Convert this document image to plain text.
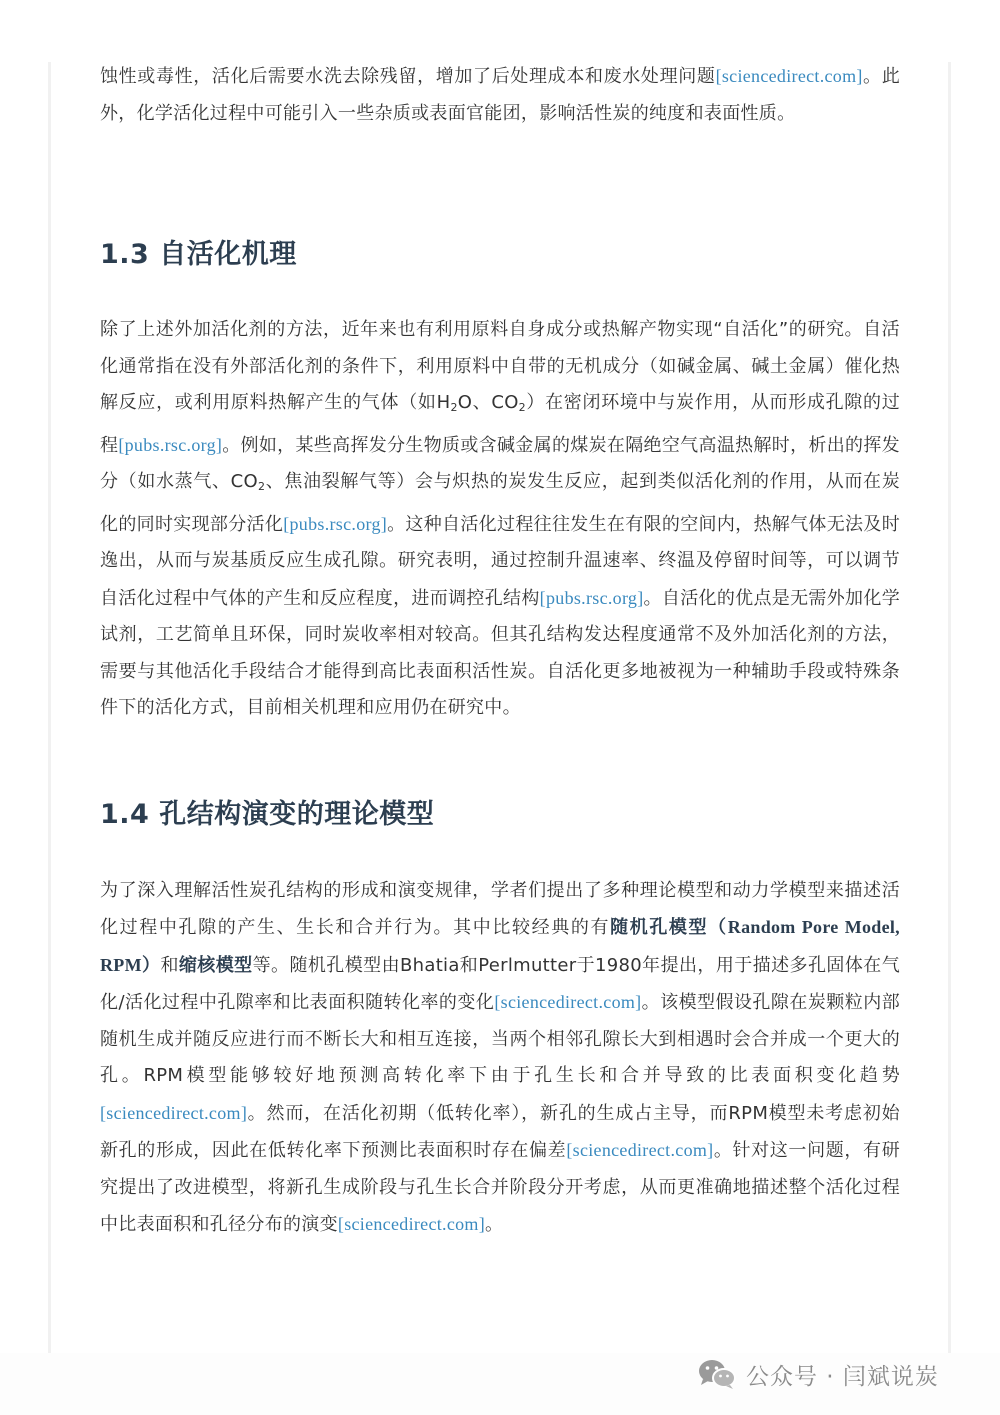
蚀性或毒性，活化后需要水洗去除残留，增加了后处理成本和废水处理问题[sciencedirect.com]。此外，化学活化过程中可能引入一些杂质或表面官能团，影响活性炭的纯度和表面性质。

1.3 自活化机理

除了上述外加活化剂的方法，近年来也有利用原料自身成分或热解产物实现“自活化”的研究。自活化通常指在没有外部活化剂的条件下，利用原料中自带的无机成分（如碱金属、碱土金属）催化热解反应，或利用原料热解产生的气体（如$H_2O$、$CO_2$）在密闭环境中与炭作用，从而形成孔隙的过程[pubs.rsc.org]。例如，某些高挥发分生物质或含碱金属的煤炭在隔绝空气高温热解时，析出的挥发分（如水蒸气、$CO_2$、焦油裂解气等）会与炽热的炭发生反应，起到类似活化剂的作用，从而在炭化的同时实现部分活化[pubs.rsc.org]。这种自活化过程往往发生在有限的空间内，热解气体无法及时逸出，从而与炭基质反应生成孔隙。研究表明，通过控制升温速率、终温及停留时间等，可以调节自活化过程中气体的产生和反应程度，进而调控孔结构[pubs.rsc.org]。自活化的优点是无需外加化学试剂，工艺简单且环保，同时炭收率相对较高。但其孔结构发达程度通常不及外加活化剂的方法，需要与其他活化手段结合才能得到高比表面积活性炭。自活化更多地被视为一种辅助手段或特殊条件下的活化方式，目前相关机理和应用仍在研究中。

1.4 孔结构演变的理论模型

为了深入理解活性炭孔结构的形成和演变规律，学者们提出了多种理论模型和动力学模型来描述活化过程中孔隙的产生、生长和合并行为。其中比较经典的有随机孔模型（Random Pore Model, RPM）和缩核模型等。随机孔模型由Bhatia和Perlmutter于1980年提出，用于描述多孔固体在气化/活化过程中孔隙率和比表面积随转化率的变化[sciencedirect.com]。该模型假设孔隙在炭颗粒内部随机生成并随反应进行而不断长大和相互连接，当两个相邻孔隙长大到相遇时会合并成一个更大的孔。RPM模型能够较好地预测高转化率下由于孔生长和合并导致的比表面积变化趋势[sciencedirect.com]。然而，在活化初期（低转化率），新孔的生成占主导，而RPM模型未考虑初始新孔的形成，因此在低转化率下预测比表面积时存在偏差[sciencedirect.com]。针对这一问题，有研究提出了改进模型，将新孔生成阶段与孔生长合并阶段分开考虑，从而更准确地描述整个活化过程中比表面积和孔径分布的演变[sciencedirect.com]。

公众号 · 闫斌说炭
